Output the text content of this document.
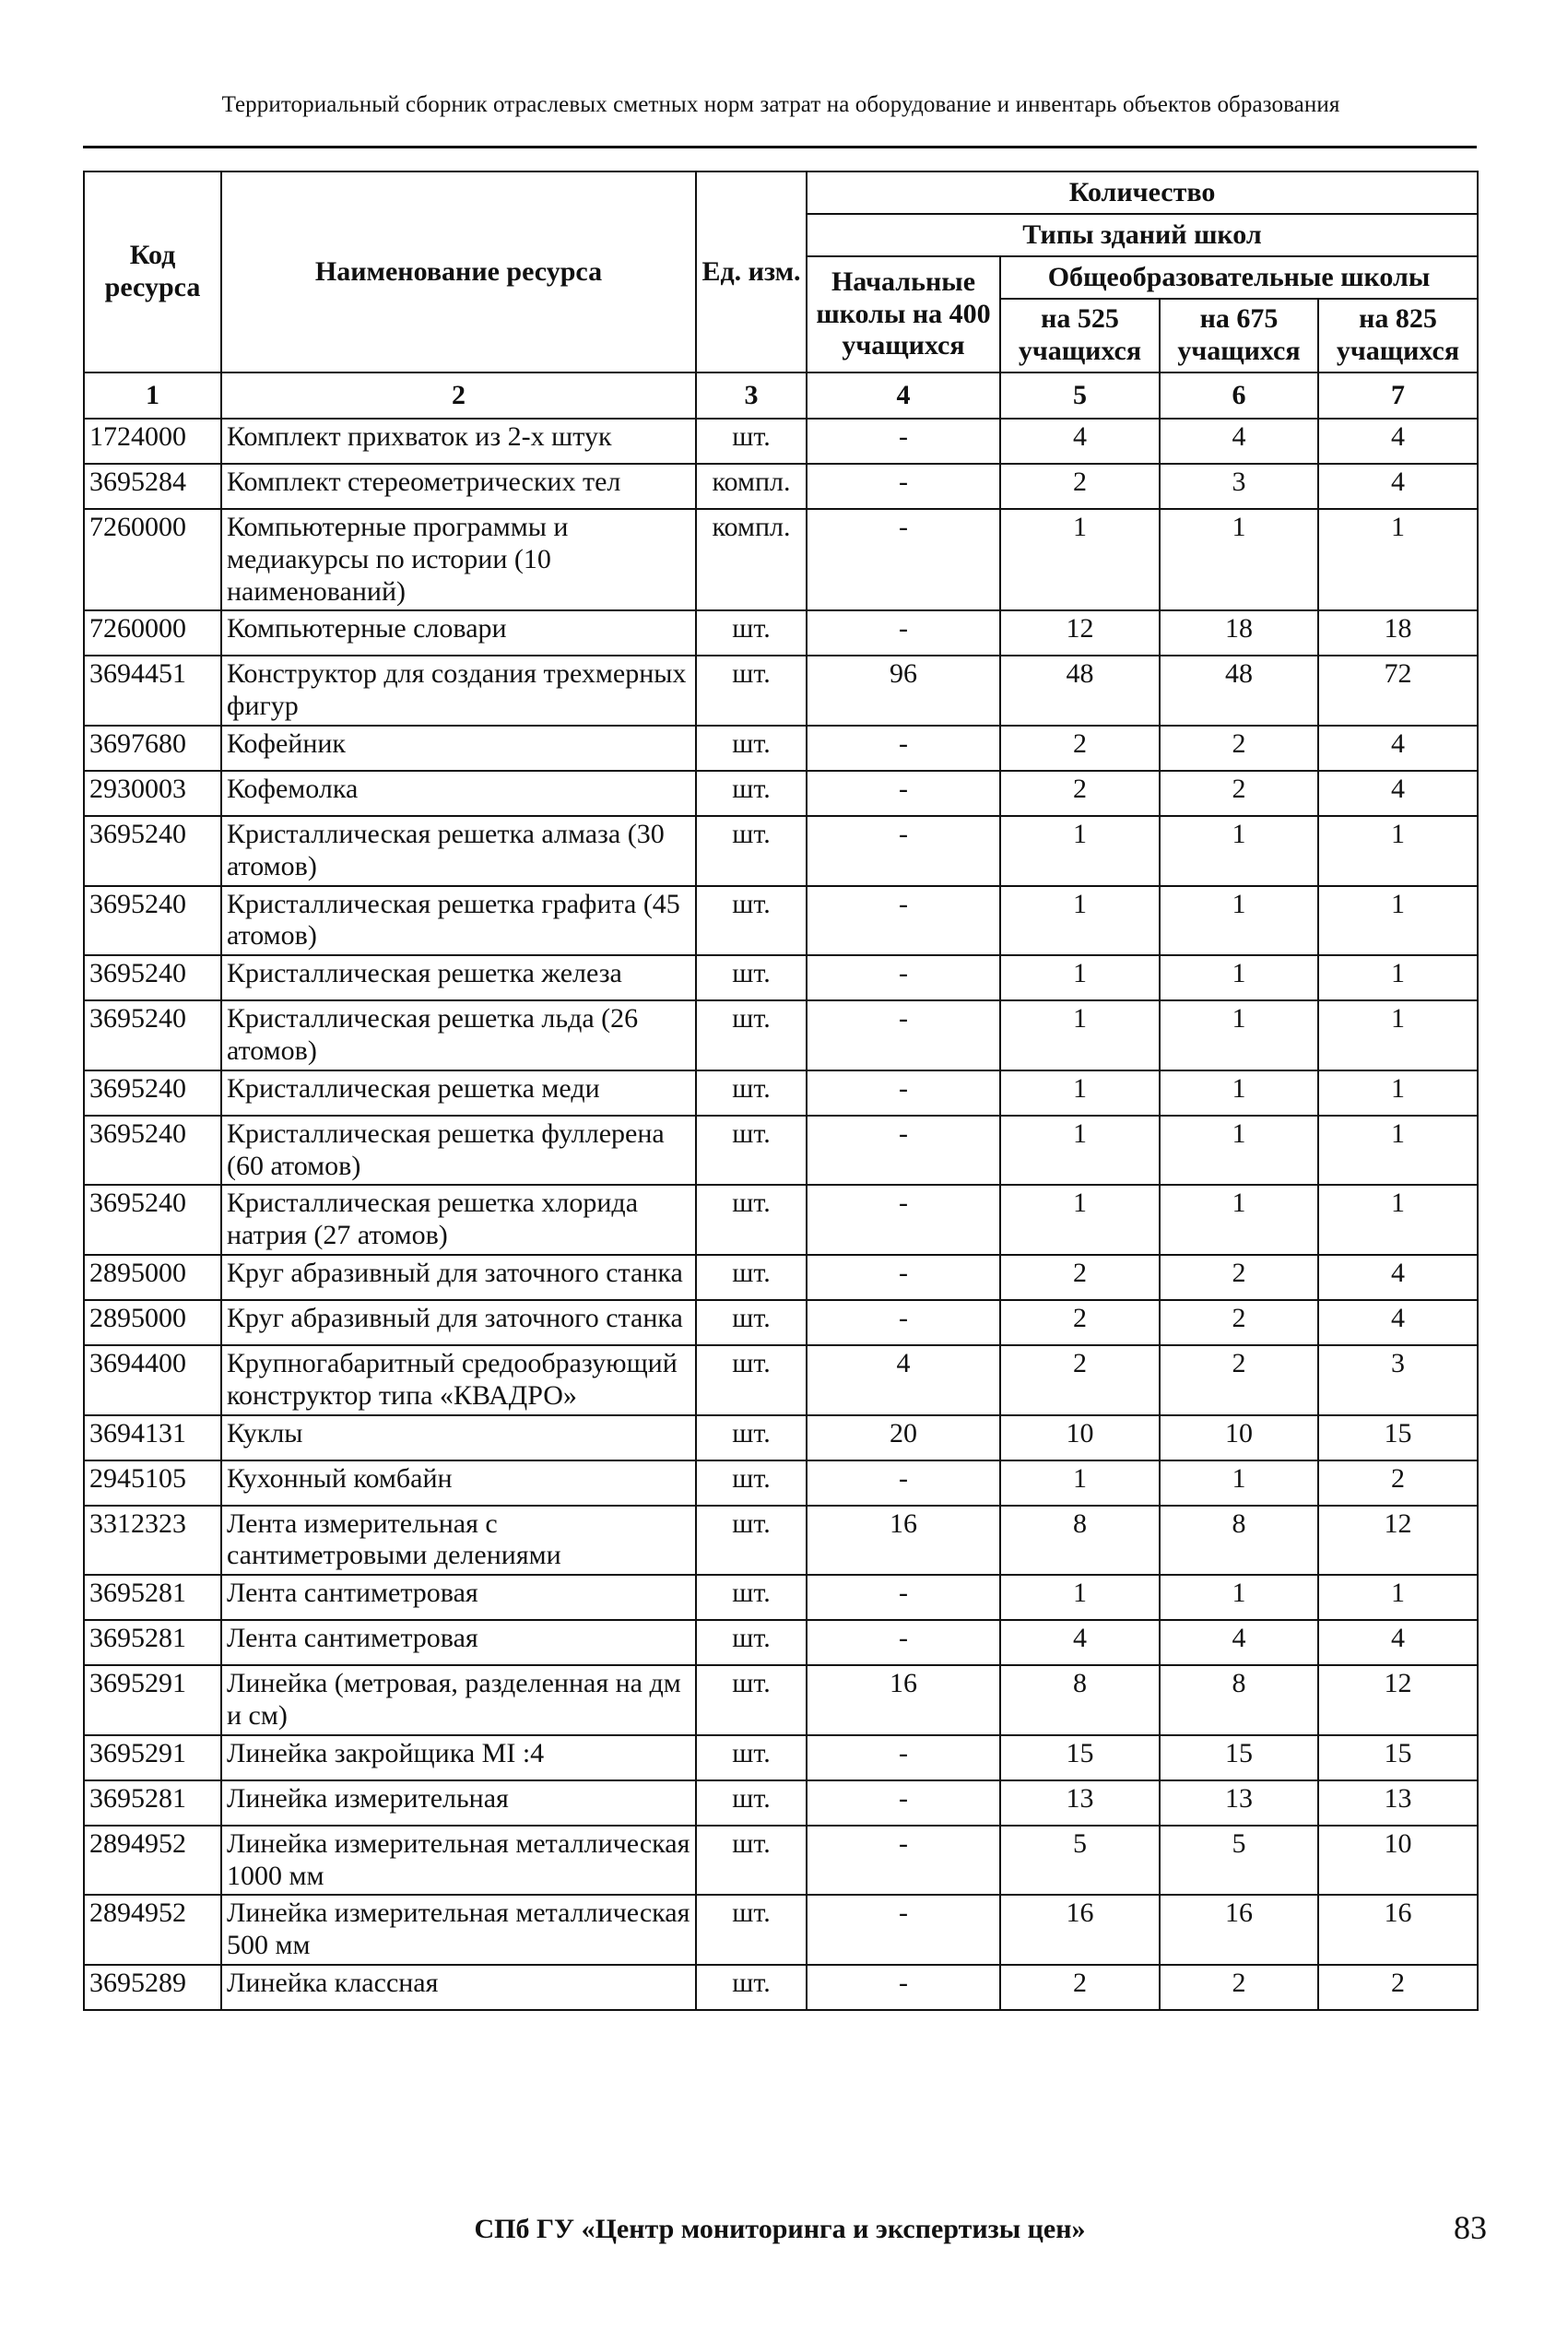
Территориальный сборник отраслевых сметных норм затрат на оборудование и инвентарь объектов образования
Код ресурса	Наименование ресурса	Ед. изм.	Количество			
			Типы зданий школ			
			Начальные школы на 400 учащихся	Общеобразовательные школы		
				на 525 учащихся	на 675 учащихся	на 825 учащихся
1	2	3	4	5	6	7
1724000	Комплект прихваток из 2-х штук	шт.	-	4	4	4
3695284	Комплект стереометрических тел	компл.	-	2	3	4
7260000	Компьютерные программы и медиакурсы по истории (10 наименований)	компл.	-	1	1	1
7260000	Компьютерные словари	шт.	-	12	18	18
3694451	Конструктор для создания трехмерных фигур	шт.	96	48	48	72
3697680	Кофейник	шт.	-	2	2	4
2930003	Кофемолка	шт.	-	2	2	4
3695240	Кристаллическая решетка алмаза (30 атомов)	шт.	-	1	1	1
3695240	Кристаллическая решетка графита (45 атомов)	шт.	-	1	1	1
3695240	Кристаллическая решетка железа	шт.	-	1	1	1
3695240	Кристаллическая решетка льда (26 атомов)	шт.	-	1	1	1
3695240	Кристаллическая решетка меди	шт.	-	1	1	1
3695240	Кристаллическая решетка фуллерена (60 атомов)	шт.	-	1	1	1
3695240	Кристаллическая решетка хлорида натрия (27 атомов)	шт.	-	1	1	1
2895000	Круг абразивный для заточного станка	шт.	-	2	2	4
2895000	Круг абразивный для заточного станка	шт.	-	2	2	4
3694400	Крупногабаритный средообразующий конструктор типа «КВАДРО»	шт.	4	2	2	3
3694131	Куклы	шт.	20	10	10	15
2945105	Кухонный комбайн	шт.	-	1	1	2
3312323	Лента измерительная с сантиметровыми делениями	шт.	16	8	8	12
3695281	Лента сантиметровая	шт.	-	1	1	1
3695281	Лента сантиметровая	шт.	-	4	4	4
3695291	Линейка (метровая, разделенная на дм и см)	шт.	16	8	8	12
3695291	Линейка закройщика МI :4	шт.	-	15	15	15
3695281	Линейка измерительная	шт.	-	13	13	13
2894952	Линейка измерительная металлическая 1000 мм	шт.	-	5	5	10
2894952	Линейка измерительная металлическая 500 мм	шт.	-	16	16	16
3695289	Линейка классная	шт.	-	2	2	2
СПб ГУ «Центр мониторинга и экспертизы цен»	83
